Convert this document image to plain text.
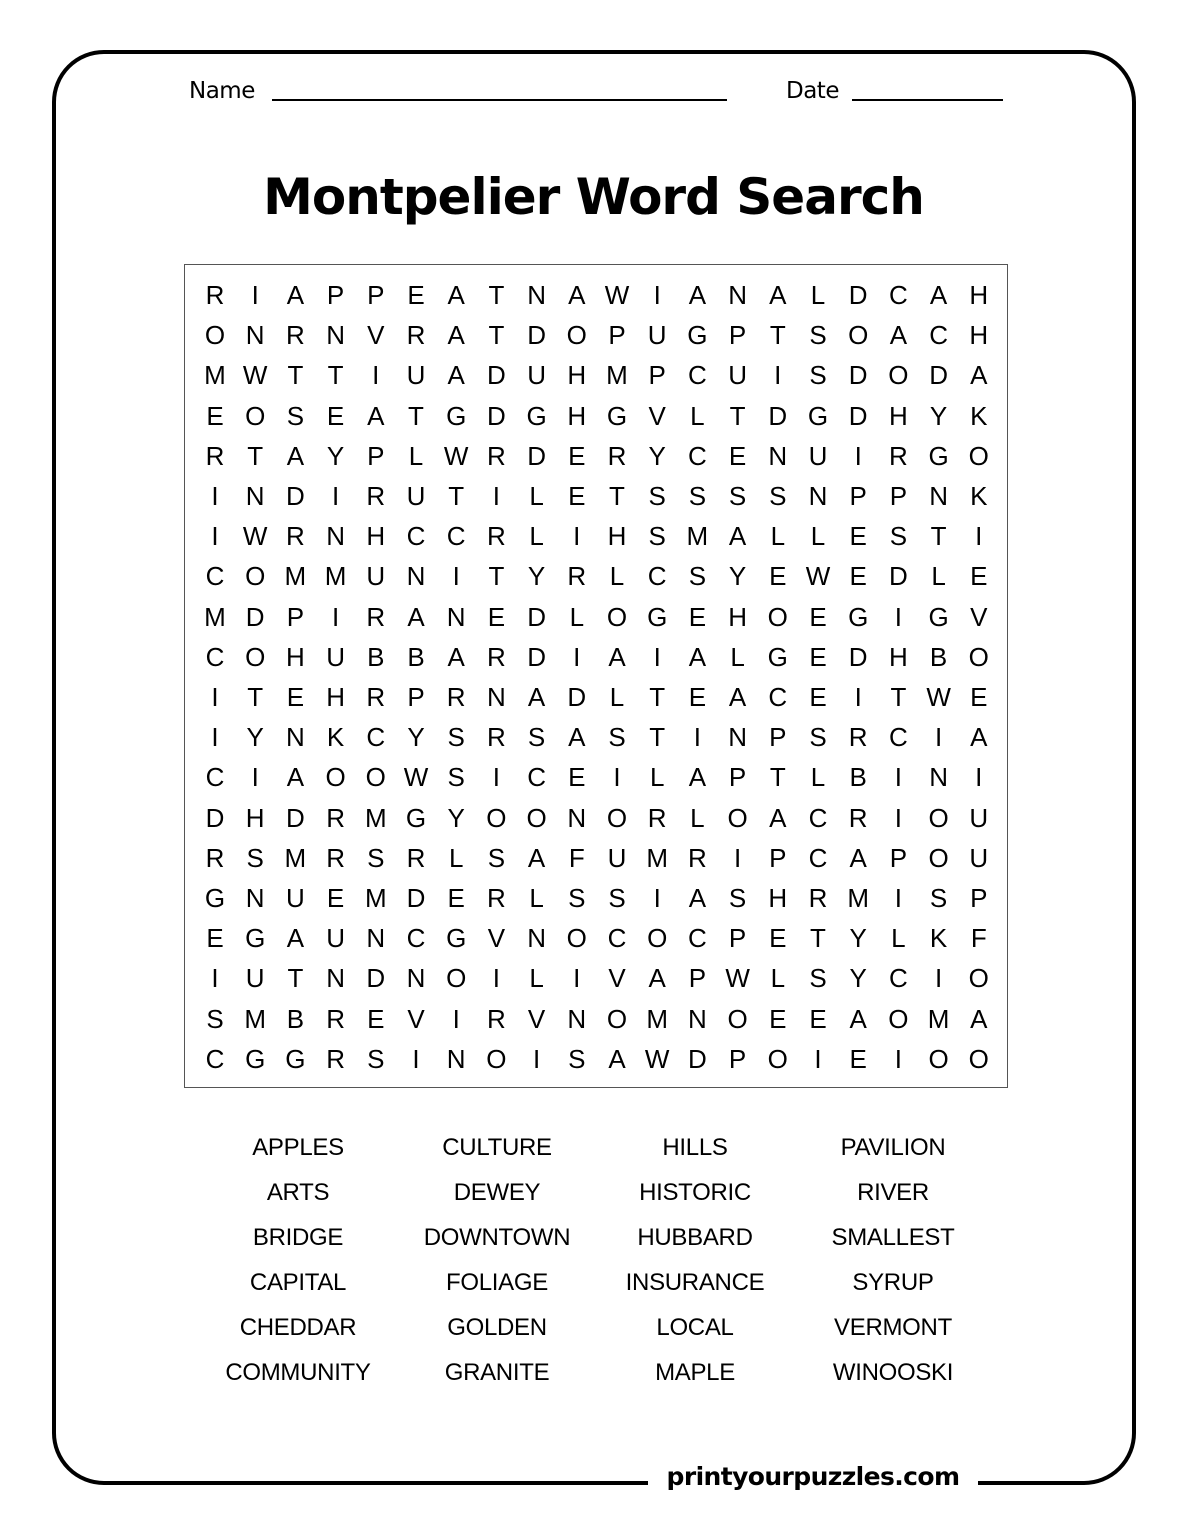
Name	Date
Montpelier Word Search
R	I	A P P E A T N A W I	A N A L D C A H
O N R N V R A T D O P U G P T S O A C H
M W T T	I	U A D U H M P C U	I	S D O D A
E O S E A T G D G H G V L T D G D H Y K
R T A Y P L W R D E R Y C E N U	I	R G O
I	N D	I	R U T	I	L E T S S S S N P P N K
I W R N H C C R L	I	H S M A L L E S T	I
C O M M U N	I	T Y R L C S Y E W E D L E
M D P	I	R A N E D L O G E H O E G	I	G V
C O H U B B A R D	I	A	I	A L G E D H B O
I	T E H R P R N A D L T E A C E	I	T W E
I	Y N K C Y S R S A S T	I	N P S R C	I	A
C	I	A O O W S	I	C E	I	L A P T L B	I	N	I
D H D R M G Y O O N O R L O A C R	I	O U
R S M R S R L S A F U M R	I	P C A P O U
G N U E M D E R L S S	I	A S H R M I	S P
E G A U N C G V N O C O C P E T Y L K F
I	U T N D N O	I	L	I	V A P W L S Y C	I	O
S M B R E V	I	R V N O M N O E E A O M A
C G G R S	I	N O	I	S A W D P O	I	E	I	O O
APPLES
ARTS
BRIDGE
CAPITAL
CHEDDAR
COMMUNITY
CULTURE
DEWEY
DOWNTOWN
FOLIAGE
GOLDEN
GRANITE
HILLS
HISTORIC
HUBBARD
INSURANCE
LOCAL
MAPLE
PAVILION
RIVER
SMALLEST
SYRUP
VERMONT
WINOOSKI
printyourpuzzles.com
